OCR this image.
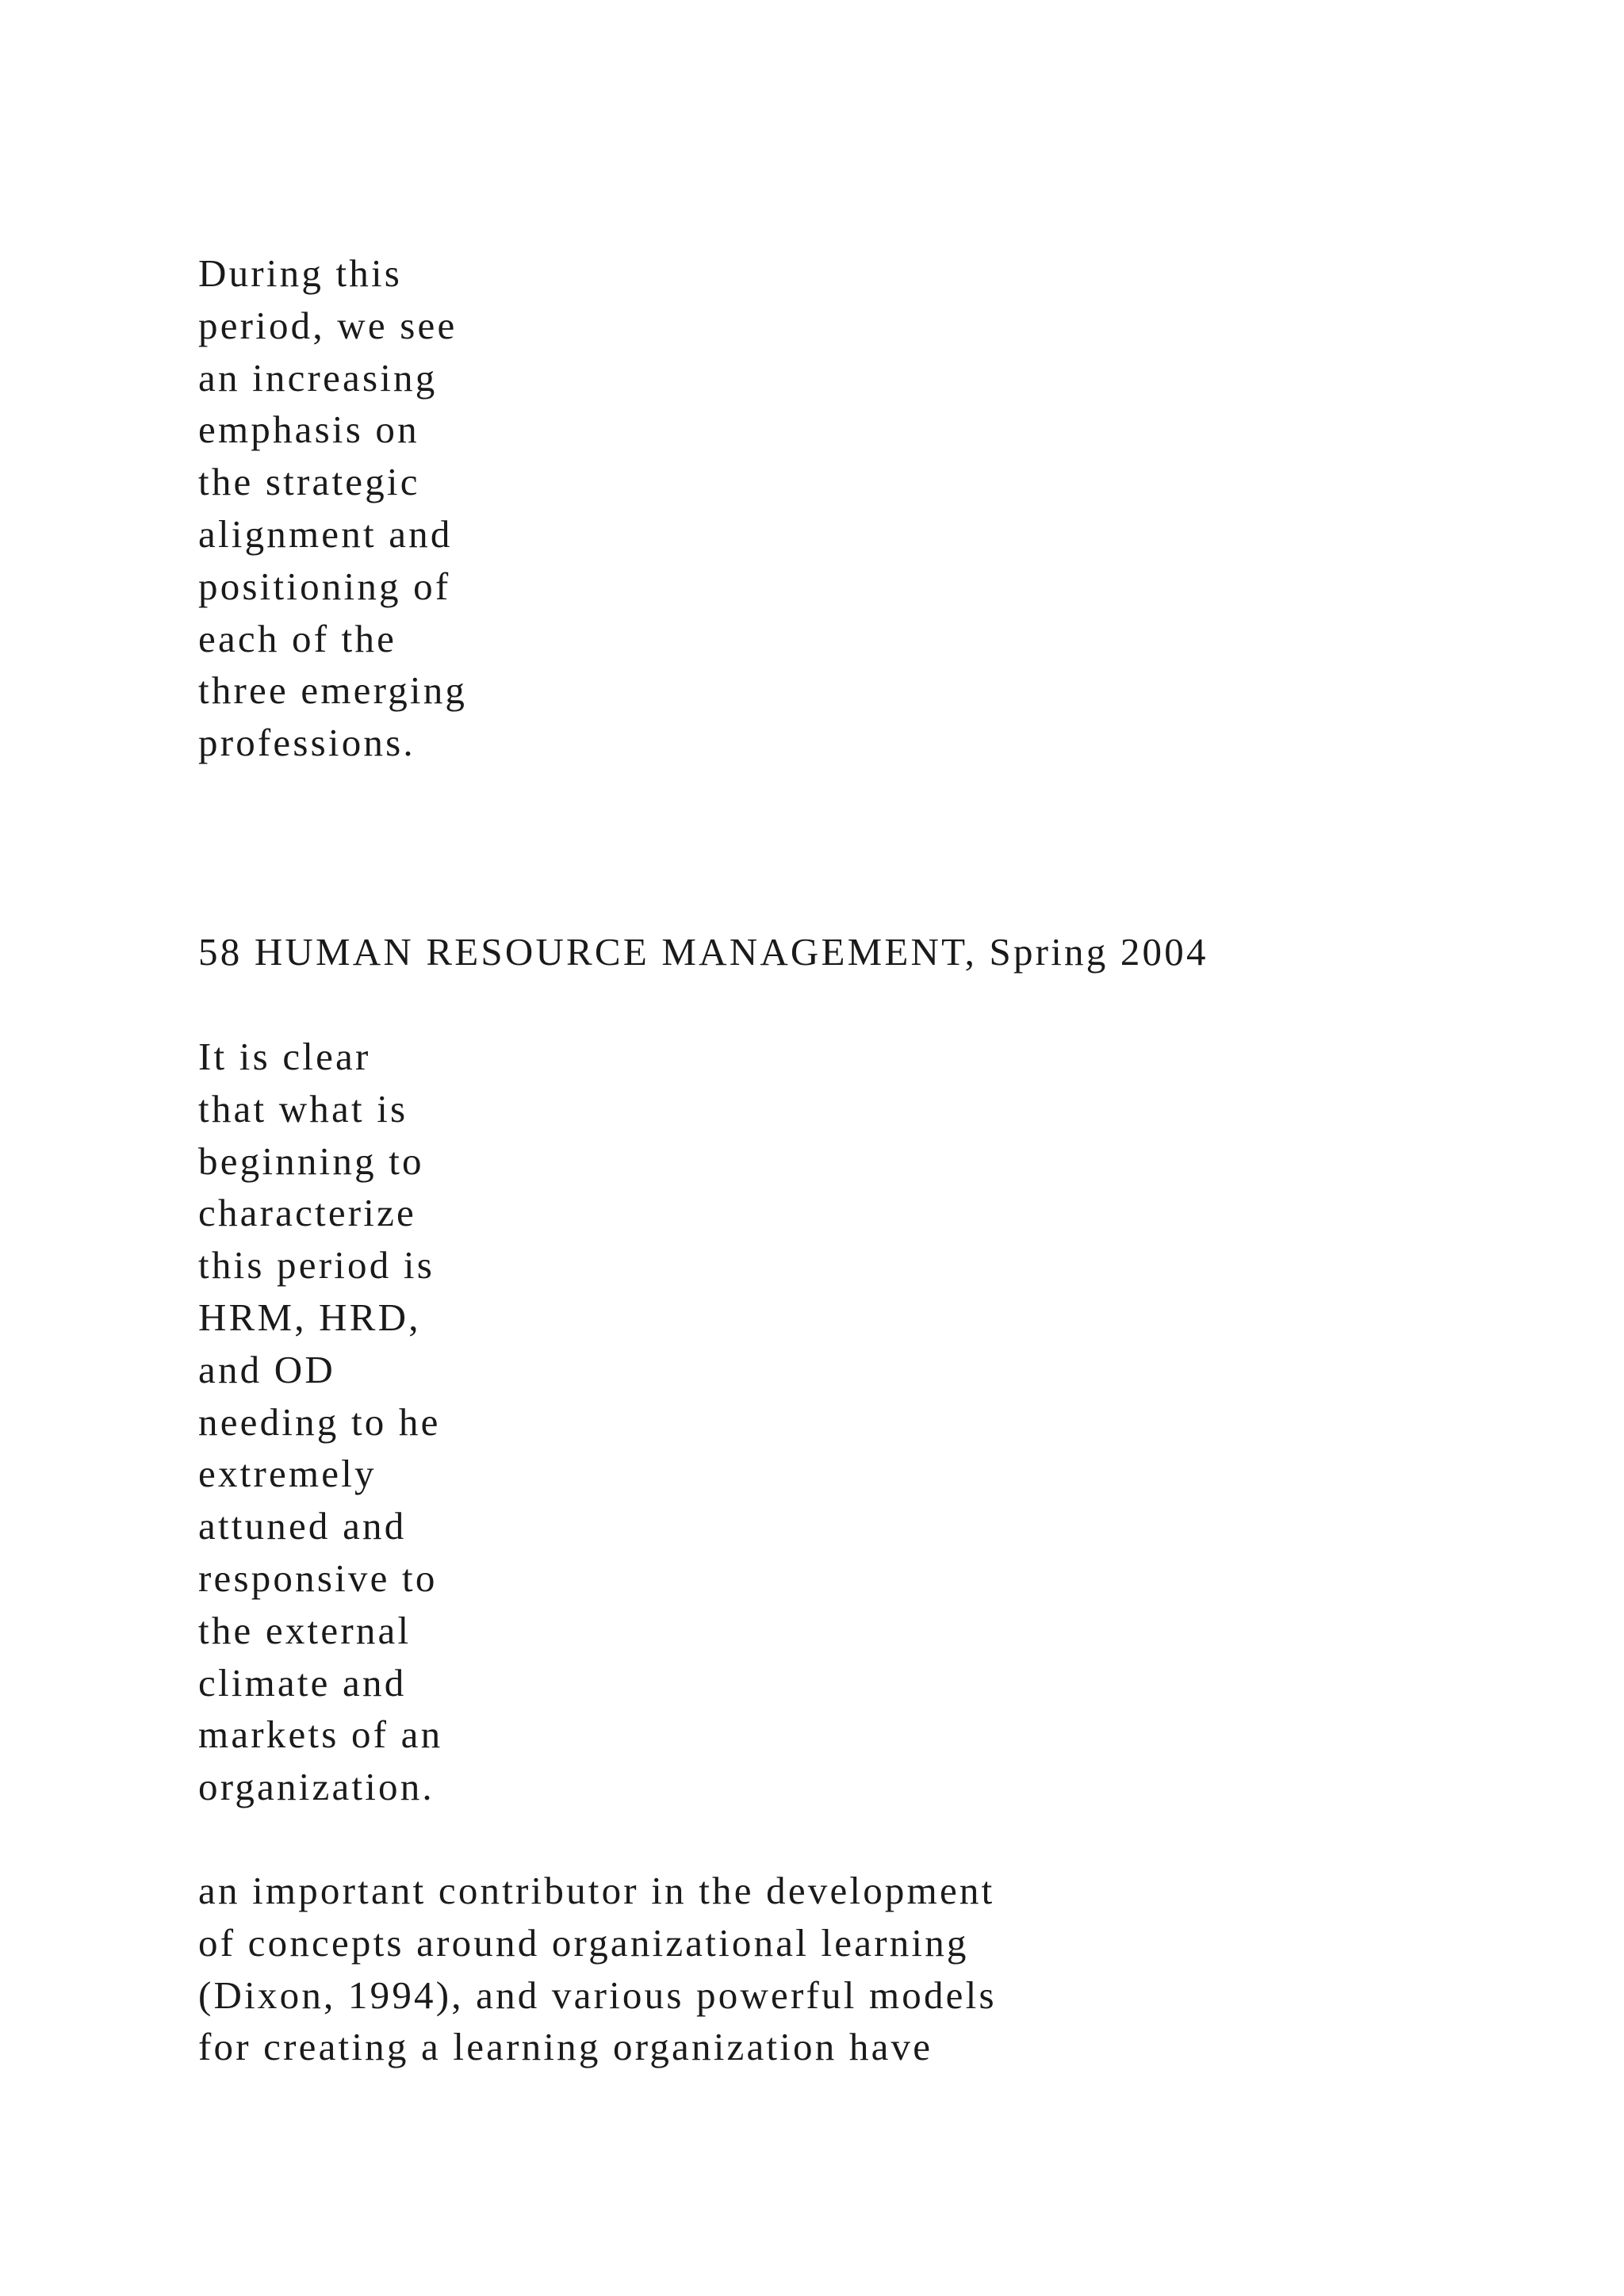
During this
period, we see
an increasing
emphasis on
the strategic
alignment and
positioning of
each of the
three emerging
professions.
58 HUMAN RESOURCE MANAGEMENT, Spring 2004
It is clear
that what is
beginning to
characterize
this period is
HRM, HRD,
and OD
needing to he
extremely
attuned and
responsive to
the external
climate and
markets of an
organization.
an important contributor in the development
of concepts around organizational learning
(Dixon, 1994), and various powerful models
for creating a learning organization have
